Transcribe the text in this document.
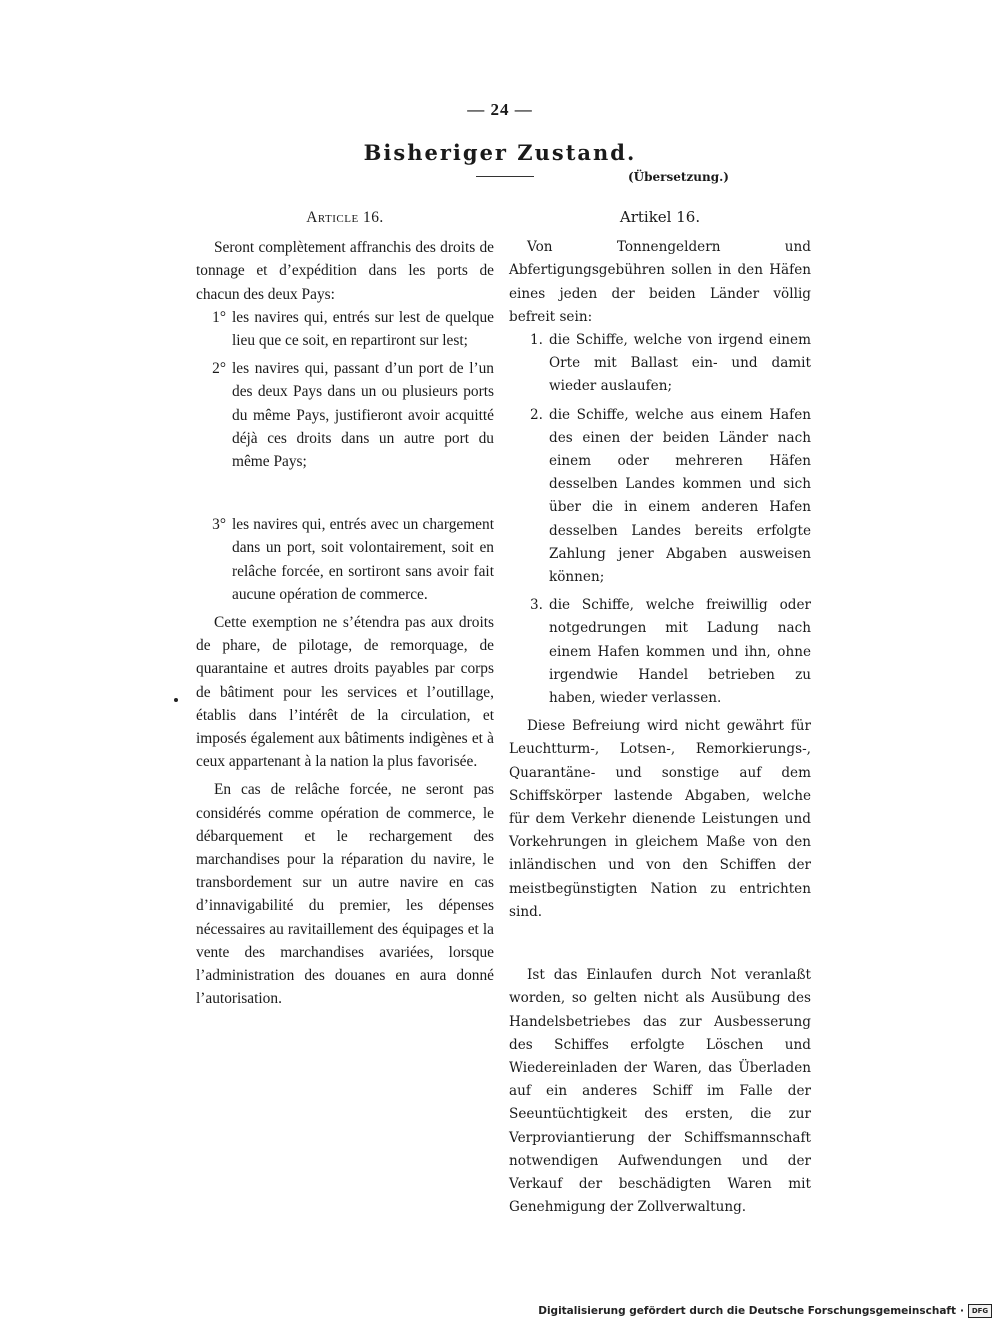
— 24 —
Bisheriger Zustand.
(Übersetzung.)
Article 16.

Seront complètement affranchis des droits de tonnage et d’expédition dans les ports de chacun des deux Pays:

1° les navires qui, entrés sur lest de quelque lieu que ce soit, en repartiront sur lest;
2° les navires qui, passant d’un port de l’un des deux Pays dans un ou plusieurs ports du même Pays, justifieront avoir acquitté déjà ces droits dans un autre port du même Pays;
3° les navires qui, entrés avec un chargement dans un port, soit volontairement, soit en relâche forcée, en sortiront sans avoir fait aucune opération de commerce.

Cette exemption ne s’étendra pas aux droits de phare, de pilotage, de remorquage, de quarantaine et autres droits payables par corps de bâtiment pour les services et l’outillage, établis dans l’intérêt de la circulation, et imposés également aux bâtiments indigènes et à ceux appartenant à la nation la plus favorisée.

En cas de relâche forcée, ne seront pas considérés comme opération de commerce, le débarquement et le rechargement des marchandises pour la réparation du navire, le transbordement sur un autre navire en cas d’innavigabilité du premier, les dépenses nécessaires au ravitaillement des équipages et la vente des marchandises avariées, lorsque l’administration des douanes en aura donné l’autorisation.

Artikel 16.

Von Tonnengeldern und Abfertigungsgebühren sollen in den Häfen eines jeden der beiden Länder völlig befreit sein:

1. die Schiffe, welche von irgend einem Orte mit Ballast ein- und damit wieder auslaufen;
2. die Schiffe, welche aus einem Hafen des einen der beiden Länder nach einem oder mehreren Häfen desselben Landes kommen und sich über die in einem anderen Hafen desselben Landes bereits erfolgte Zahlung jener Abgaben ausweisen können;
3. die Schiffe, welche freiwillig oder notgedrungen mit Ladung nach einem Hafen kommen und ihn, ohne irgendwie Handel betrieben zu haben, wieder verlassen.

Diese Befreiung wird nicht gewährt für Leuchtturm-, Lotsen-, Remorkierungs-, Quarantäne- und sonstige auf dem Schiffskörper lastende Abgaben, welche für dem Verkehr dienende Leistungen und Vorkehrungen in gleichem Maße von den inländischen und von den Schiffen der meistbegünstigten Nation zu entrichten sind.

Ist das Einlaufen durch Not veranlaßt worden, so gelten nicht als Ausübung des Handelsbetriebes das zur Ausbesserung des Schiffes erfolgte Löschen und Wiedereinladen der Waren, das Überladen auf ein anderes Schiff im Falle der Seeuntüchtigkeit des ersten, die zur Verproviantierung der Schiffsmannschaft notwendigen Aufwendungen und der Verkauf der beschädigten Waren mit Genehmigung der Zollverwaltung.

Digitalisierung gefördert durch die Deutsche Forschungsgemeinschaft ·	DFG
